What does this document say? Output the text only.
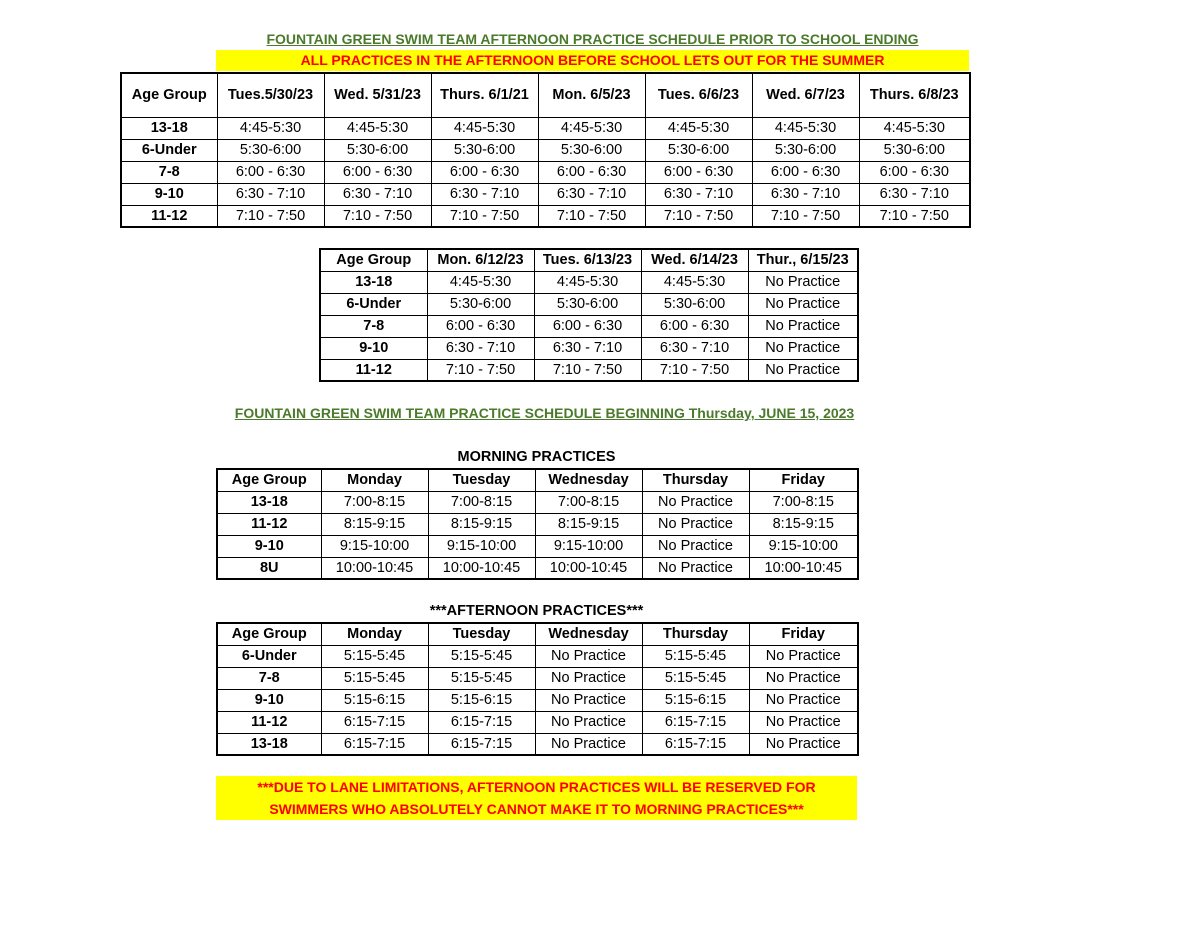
FOUNTAIN GREEN SWIM TEAM AFTERNOON PRACTICE SCHEDULE PRIOR TO SCHOOL ENDING
ALL PRACTICES IN THE AFTERNOON BEFORE SCHOOL LETS OUT FOR THE SUMMER
Age Group	Tues.5/30/23	Wed. 5/31/23	Thurs. 6/1/21	Mon. 6/5/23	Tues. 6/6/23	Wed. 6/7/23	Thurs. 6/8/23
13-18	4:45-5:30	4:45-5:30	4:45-5:30	4:45-5:30	4:45-5:30	4:45-5:30	4:45-5:30
6-Under	5:30-6:00	5:30-6:00	5:30-6:00	5:30-6:00	5:30-6:00	5:30-6:00	5:30-6:00
7-8	6:00 - 6:30	6:00 - 6:30	6:00 - 6:30	6:00 - 6:30	6:00 - 6:30	6:00 - 6:30	6:00 - 6:30
9-10	6:30 - 7:10	6:30 - 7:10	6:30 - 7:10	6:30 - 7:10	6:30 - 7:10	6:30 - 7:10	6:30 - 7:10
11-12	7:10 - 7:50	7:10 - 7:50	7:10 - 7:50	7:10 - 7:50	7:10 - 7:50	7:10 - 7:50	7:10 - 7:50
Age Group	Mon. 6/12/23	Tues. 6/13/23	Wed. 6/14/23	Thur., 6/15/23
13-18	4:45-5:30	4:45-5:30	4:45-5:30	No Practice
6-Under	5:30-6:00	5:30-6:00	5:30-6:00	No Practice
7-8	6:00 - 6:30	6:00 - 6:30	6:00 - 6:30	No Practice
9-10	6:30 - 7:10	6:30 - 7:10	6:30 - 7:10	No Practice
11-12	7:10 - 7:50	7:10 - 7:50	7:10 - 7:50	No Practice
FOUNTAIN GREEN SWIM TEAM PRACTICE SCHEDULE BEGINNING Thursday, JUNE 15, 2023
MORNING PRACTICES
Age Group	Monday	Tuesday	Wednesday	Thursday	Friday
13-18	7:00-8:15	7:00-8:15	7:00-8:15	No Practice	7:00-8:15
11-12	8:15-9:15	8:15-9:15	8:15-9:15	No Practice	8:15-9:15
9-10	9:15-10:00	9:15-10:00	9:15-10:00	No Practice	9:15-10:00
8U	10:00-10:45	10:00-10:45	10:00-10:45	No Practice	10:00-10:45
***AFTERNOON PRACTICES***
Age Group	Monday	Tuesday	Wednesday	Thursday	Friday
6-Under	5:15-5:45	5:15-5:45	No Practice	5:15-5:45	No Practice
7-8	5:15-5:45	5:15-5:45	No Practice	5:15-5:45	No Practice
9-10	5:15-6:15	5:15-6:15	No Practice	5:15-6:15	No Practice
11-12	6:15-7:15	6:15-7:15	No Practice	6:15-7:15	No Practice
13-18	6:15-7:15	6:15-7:15	No Practice	6:15-7:15	No Practice
***DUE TO LANE LIMITATIONS, AFTERNOON PRACTICES WILL BE RESERVED FOR
SWIMMERS WHO ABSOLUTELY CANNOT MAKE IT TO MORNING PRACTICES***
